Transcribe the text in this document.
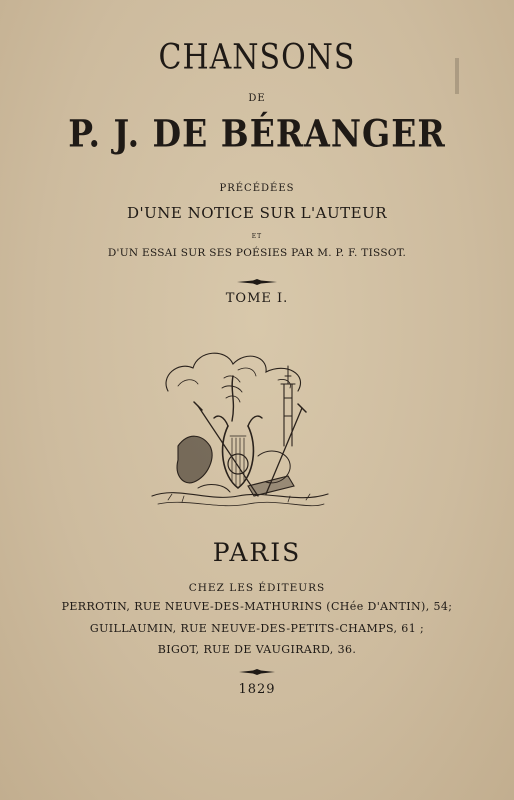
CHANSONS
DE
P. J. DE BÉRANGER
PRÉCÉDÉES
D'UNE NOTICE SUR L'AUTEUR
ET
D'UN ESSAI SUR SES POÉSIES PAR M. P. F. TISSOT.
TOME I.
PARIS
CHEZ LES ÉDITEURS
PERROTIN, RUE NEUVE-DES-MATHURINS (CHée D'ANTIN), 54;
GUILLAUMIN, RUE NEUVE-DES-PETITS-CHAMPS, 61 ;
BIGOT, RUE DE VAUGIRARD, 36.
1829
